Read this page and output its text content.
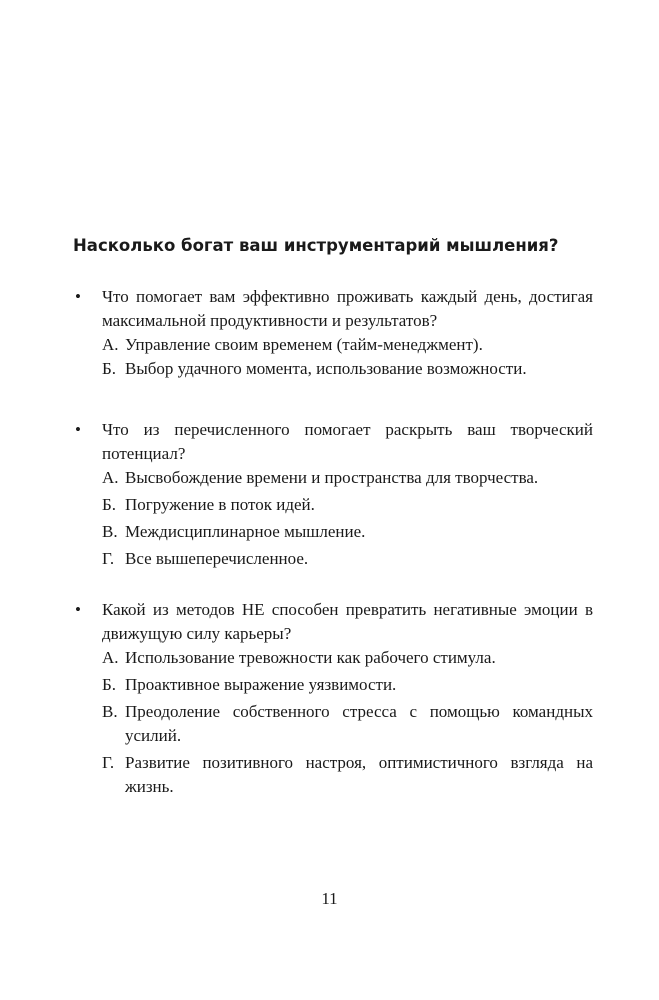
Насколько богат ваш инструментарий мышления?
• Что помогает вам эффективно проживать каждый день, достигая максимальной продуктивности и результатов?
А. Управление своим временем (тайм-менеджмент).
Б. Выбор удачного момента, использование возможности.
• Что из перечисленного помогает раскрыть ваш творческий потенциал?
А. Высвобождение времени и пространства для творчества.
Б. Погружение в поток идей.
В. Междисциплинарное мышление.
Г. Все вышеперечисленное.
• Какой из методов НЕ способен превратить негативные эмоции в движущую силу карьеры?
А. Использование тревожности как рабочего стимула.
Б. Проактивное выражение уязвимости.
В. Преодоление собственного стресса с помощью командных усилий.
Г. Развитие позитивного настроя, оптимистичного взгляда на жизнь.
11
